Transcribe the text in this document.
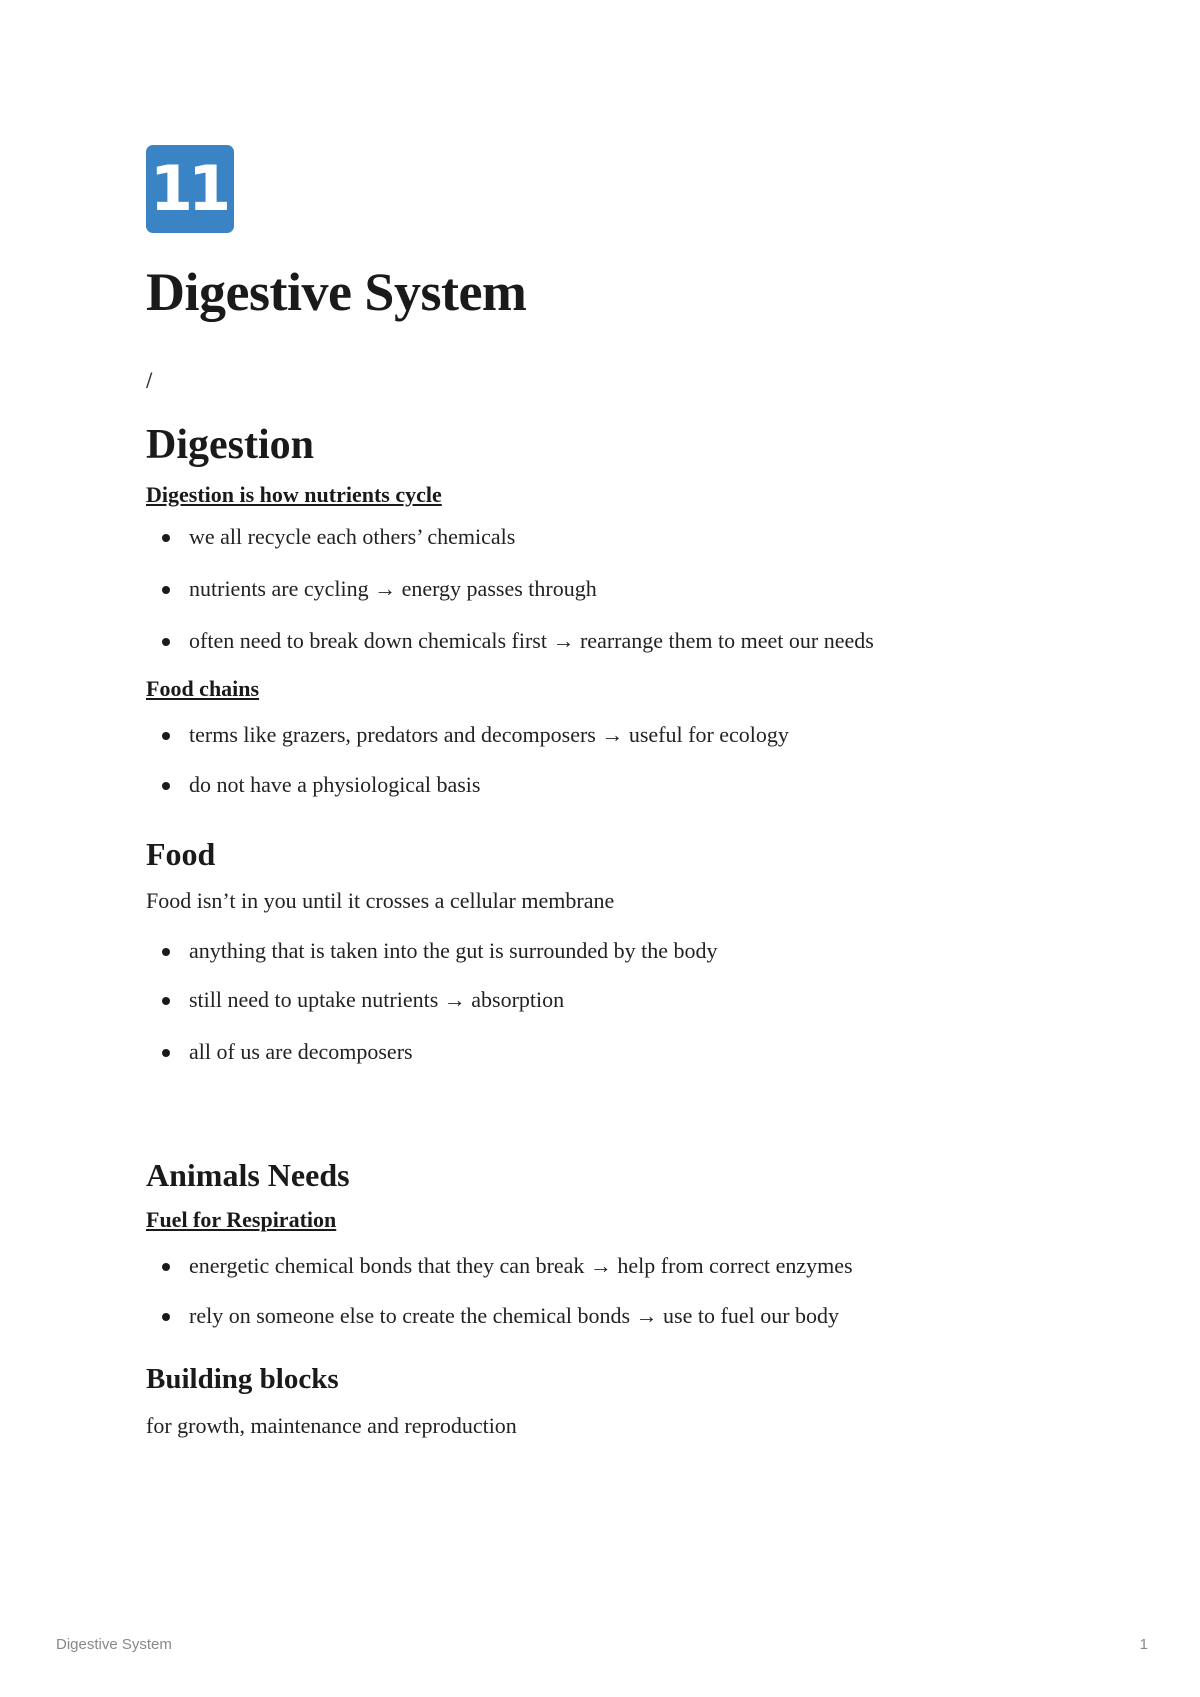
11
Digestive System
/
Digestion

Digestion is how nutrients cycle

we all recycle each others’ chemicals
nutrients are cycling → energy passes through
often need to break down chemicals first → rearrange them to meet our needs

Food chains

terms like grazers, predators and decomposers → useful for ecology
do not have a physiological basis
Food

Food isn’t in you until it crosses a cellular membrane

anything that is taken into the gut is surrounded by the body
still need to uptake nutrients → absorption
all of us are decomposers
Animals Needs

Fuel for Respiration

energetic chemical bonds that they can break → help from correct enzymes
rely on someone else to create the chemical bonds → use to fuel our body
Building blocks

for growth, maintenance and reproduction

Digestive System	1
